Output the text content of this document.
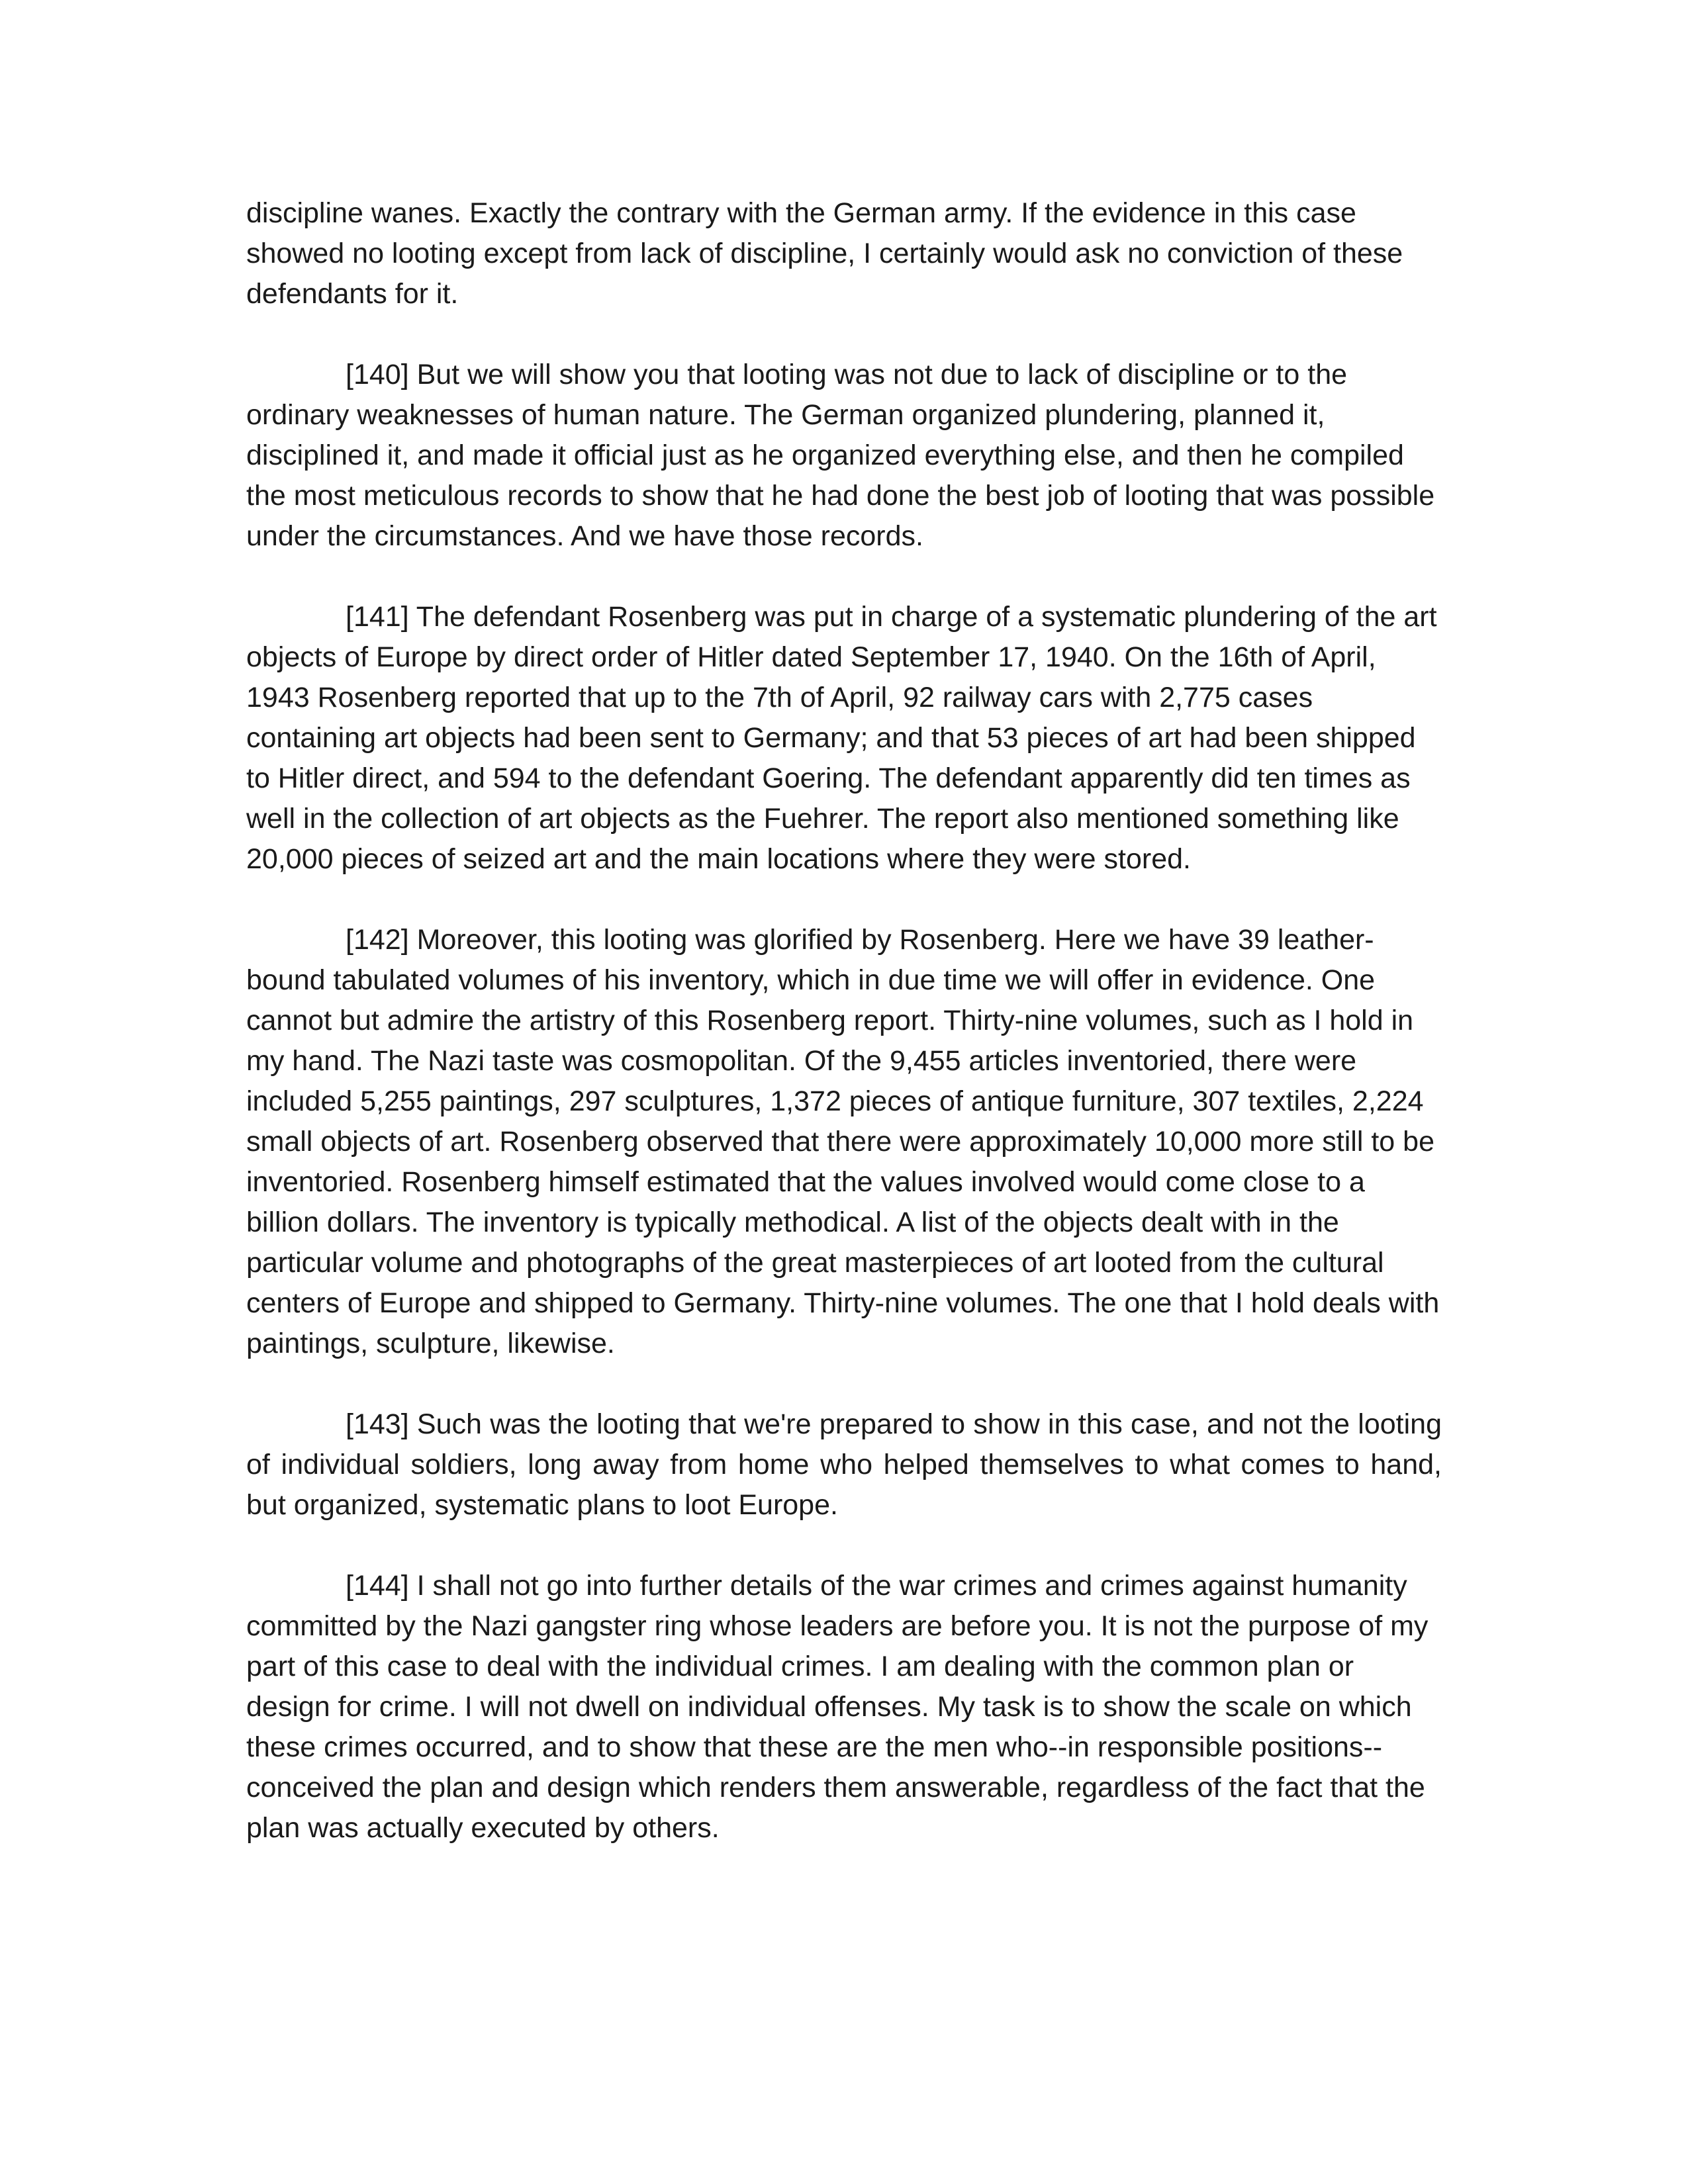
discipline wanes. Exactly the contrary with the German army. If the evidence in this case showed no looting except from lack of discipline, I certainly would ask no conviction of these defendants for it.

[140] But we will show you that looting was not due to lack of discipline or to the ordinary weaknesses of human nature. The German organized plundering, planned it, disciplined it, and made it official just as he organized everything else, and then he compiled the most meticulous records to show that he had done the best job of looting that was possible under the circumstances. And we have those records.

[141] The defendant Rosenberg was put in charge of a systematic plundering of the art objects of Europe by direct order of Hitler dated September 17, 1940. On the 16th of April, 1943 Rosenberg reported that up to the 7th of April, 92 railway cars with 2,775 cases containing art objects had been sent to Germany; and that 53 pieces of art had been shipped to Hitler direct, and 594 to the defendant Goering. The defendant apparently did ten times as well in the collection of art objects as the Fuehrer. The report also mentioned something like 20,000 pieces of seized art and the main locations where they were stored.

[142] Moreover, this looting was glorified by Rosenberg. Here we have 39 leather-bound tabulated volumes of his inventory, which in due time we will offer in evidence. One cannot but admire the artistry of this Rosenberg report. Thirty-nine volumes, such as I hold in my hand. The Nazi taste was cosmopolitan. Of the 9,455 articles inventoried, there were included 5,255 paintings, 297 sculptures, 1,372 pieces of antique furniture, 307 textiles, 2,224 small objects of art. Rosenberg observed that there were approximately 10,000 more still to be inventoried. Rosenberg himself estimated that the values involved would come close to a billion dollars. The inventory is typically methodical. A list of the objects dealt with in the particular volume and photographs of the great masterpieces of art looted from the cultural centers of Europe and shipped to Germany. Thirty-nine volumes. The one that I hold deals with paintings, sculpture, likewise.

[143] Such was the looting that we're prepared to show in this case, and not the looting of individual soldiers, long away from home who helped themselves to what comes to hand, but organized, systematic plans to loot Europe.

[144] I shall not go into further details of the war crimes and crimes against humanity committed by the Nazi gangster ring whose leaders are before you. It is not the purpose of my part of this case to deal with the individual crimes. I am dealing with the common plan or design for crime. I will not dwell on individual offenses. My task is to show the scale on which these crimes occurred, and to show that these are the men who--in responsible positions--conceived the plan and design which renders them answerable, regardless of the fact that the plan was actually executed by others.
